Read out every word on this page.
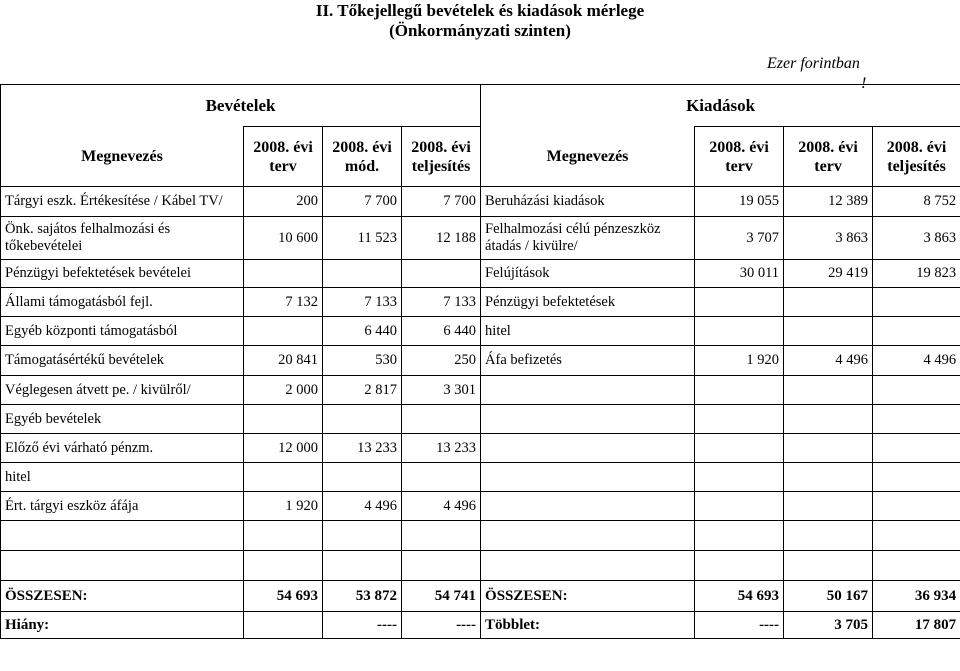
II. Tőkejellegű bevételek és kiadások mérlege
(Önkormányzati szinten)
Ezer forintban
!
Bevételek				Kiadások			
Megnevezés	2008. évi terv	2008. évi mód.	2008. évi teljesítés	Megnevezés	2008. évi terv	2008. évi terv	2008. évi teljesítés
Tárgyi eszk. Értékesítése / Kábel TV/	200	7 700	7 700	Beruházási kiadások	19 055	12 389	8 752
Önk. sajátos felhalmozási és tőkebevételei	10 600	11 523	12 188	Felhalmozási célú pénzeszköz átadás / kivülre/	3 707	3 863	3 863
Pénzügyi befektetések bevételei				Felújítások	30 011	29 419	19 823
Állami támogatásból fejl.	7 132	7 133	7 133	Pénzügyi befektetések			
Egyéb központi támogatásból		6 440	6 440	hitel			
Támogatásértékű bevételek	20 841	530	250	Áfa befizetés	1 920	4 496	4 496
Véglegesen átvett pe. / kivülről/	2 000	2 817	3 301				
Egyéb bevételek							
Előző évi várható pénzm.	12 000	13 233	13 233				
hitel							
Ért. tárgyi eszköz áfája	1 920	4 496	4 496				

ÖSSZESEN:	54 693	53 872	54 741	ÖSSZESEN:	54 693	50 167	36 934
Hiány:		----	----	Többlet:	----	3 705	17 807
